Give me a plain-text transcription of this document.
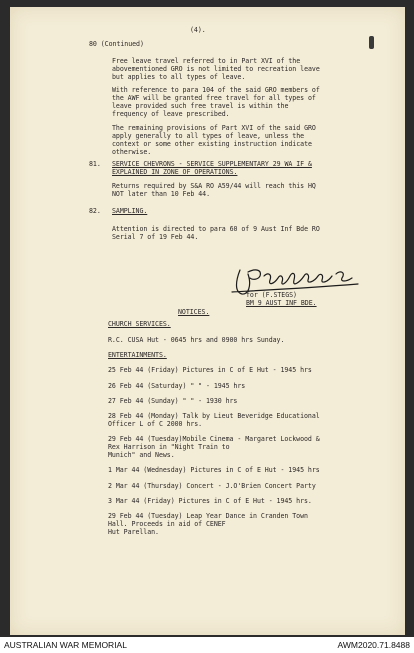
(4).
80 (Continued)
Free leave travel referred to in Part XVI of the
abovementioned GRO is not limited to recreation leave
but applies to all types of leave.
With reference to para 104 of the said GRO members of
the AWF will be granted free travel for all types of
leave provided such free travel is within the
frequency of leave prescribed.
The remaining provisions of Part XVI of the said GRO
apply generally to all types of leave, unless the
context or some other existing instruction indicate
otherwise.
81. SERVICE CHEVRONS - SERVICE SUPPLEMENTARY 29 WA IF &
EXPLAINED IN ZONE OF OPERATIONS.
Returns required by S&A RO A59/44 will reach this HQ
NOT later than 10 Feb 44.
82. SAMPLING.
Attention is directed to para 60 of 9 Aust Inf Bde RO
Serial 7 of 19 Feb 44.
for (F.STEGS)
BM 9 AUST INF BDE.
NOTICES.
CHURCH SERVICES.
R.C. CUSA Hut - 0645 hrs and 0900 hrs Sunday.
ENTERTAINMENTS.
25 Feb 44 (Friday) Pictures in C of E Hut - 1945 hrs
26 Feb 44 (Saturday) " " - 1945 hrs
27 Feb 44 (Sunday) " " - 1930 hrs
28 Feb 44 (Monday) Talk by Lieut Beveridge Educational
Officer L of C 2000 hrs.
29 Feb 44 (Tuesday)Mobile Cinema - Margaret Lockwood &
Rex Harrison in "Night Train to
Munich" and News.
1 Mar 44 (Wednesday) Pictures in C of E Hut - 1945 hrs
2 Mar 44 (Thursday) Concert - J.O'Brien Concert Party
3 Mar 44 (Friday) Pictures in C of E Hut - 1945 hrs.
29 Feb 44 (Tuesday) Leap Year Dance in Cranden Town
Hall. Proceeds in aid of CENEF
Hut Parellan.
AUSTRALIAN WAR MEMORIAL	AWM2020.71.8488
